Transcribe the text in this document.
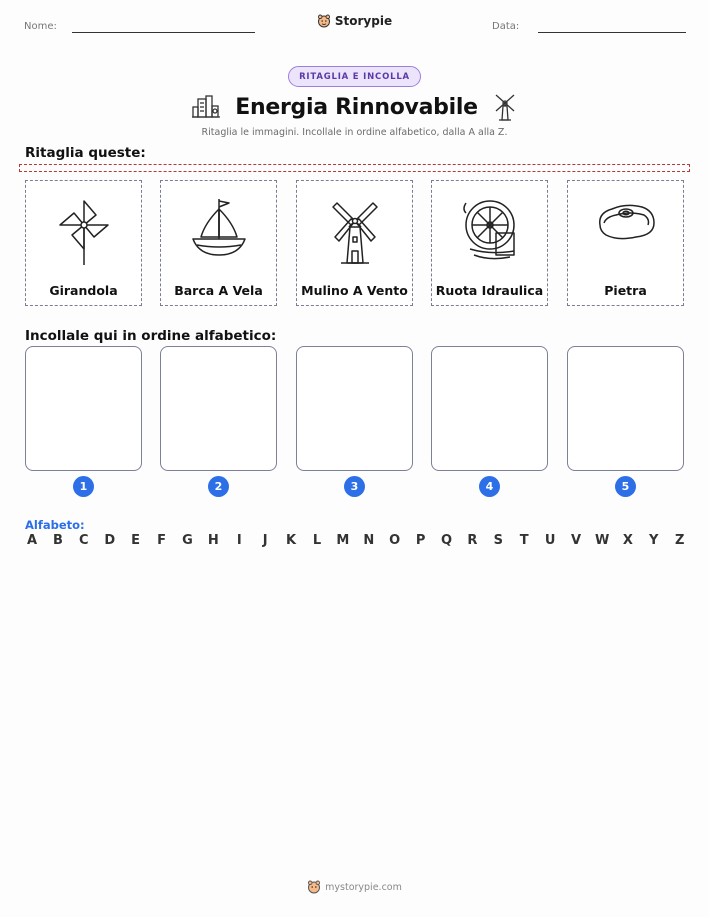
Nome:	Data:
Storypie
RITAGLIA E INCOLLA
Energia Rinnovabile
Ritaglia le immagini. Incollale in ordine alfabetico, dalla A alla Z.
Ritaglia queste:
Girandola	Barca A Vela	Mulino A Vento	Ruota Idraulica	Pietra
Incollale qui in ordine alfabetico:
1	2	3	4	5
Alfabeto:
A B C D E F G H	I	J	K L M N O P Q R S T U V W X Y Z
mystorypie.com
